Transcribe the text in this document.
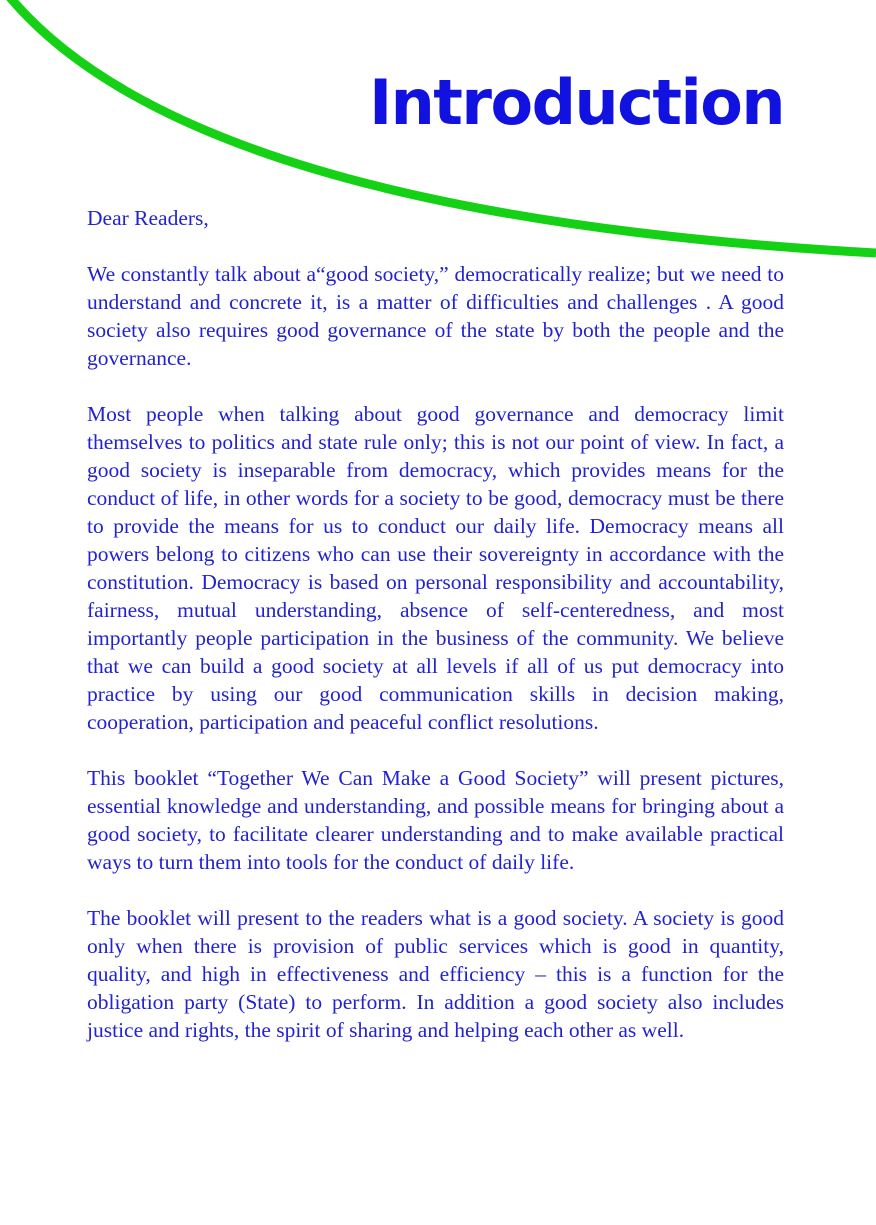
Introduction

Dear Readers,

We constantly talk about a“good society,” democratically realize; but we need to understand and concrete it, is a matter of difficulties and challenges . A good society also requires good governance of the state by both the people and the governance.

Most people when talking about good governance and democracy limit themselves to politics and state rule only; this is not our point of view. In fact, a good society is inseparable from democracy, which provides means for the conduct of life, in other words for a society to be good, democracy must be there to provide the means for us to conduct our daily life. Democracy means all powers belong to citizens who can use their sovereignty in accordance with the constitution. Democracy is based on personal responsibility and accountability, fairness, mutual understanding, absence of self-centeredness, and most importantly people participation in the business of the community. We believe that we can build a good society at all levels if all of us put democracy into practice by using our good communication skills in decision making, cooperation, participation and peaceful conflict resolutions.

This booklet “Together We Can Make a Good Society” will present pictures, essential knowledge and understanding, and possible means for bringing about a good society, to facilitate clearer understanding and to make available practical ways to turn them into tools for the conduct of daily life.

The booklet will present to the readers what is a good society. A society is good only when there is provision of public services which is good in quantity, quality, and high in effectiveness and efficiency – this is a function for the obligation party (State) to perform. In addition a good society also includes justice and rights, the spirit of sharing and helping each other as well.
